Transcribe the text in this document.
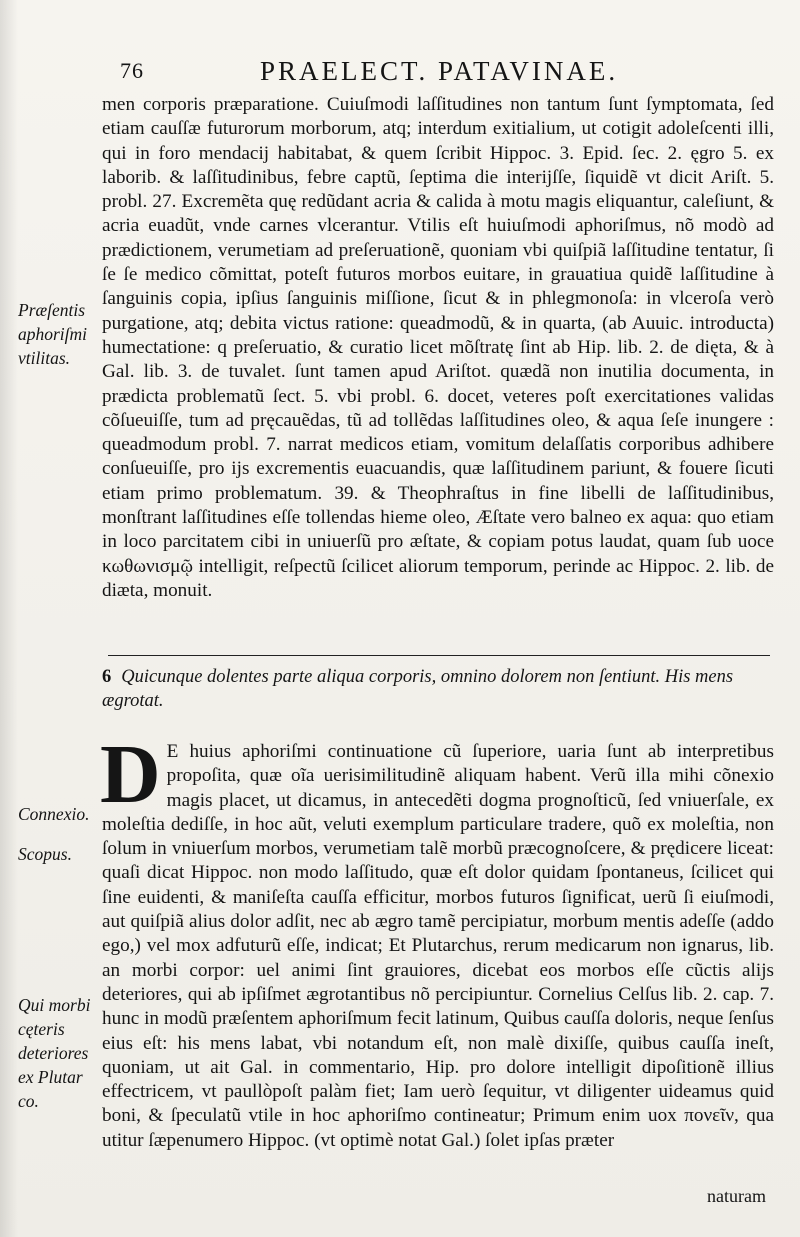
76	PRAELECT. PATAVINAE.

men corporis præparatione. Cuiuſmodi laſſitudines non tantum ſunt ſymptomata, ſed etiam cauſſæ futurorum morborum, atq; interdum exitialium, ut cotigit adoleſcenti illi, qui in foro mendacij habitabat, & quem ſcribit Hippoc. 3. Epid. ſec. 2. ęgro 5. ex laborib. & laſſitudinibus, febre captũ, ſeptima die interijſſe, ſiquidẽ vt dicit Ariſt. 5. probl. 27. Excremẽta quę redũdant acria & calida à motu magis eliquantur, caleſiunt, & acria euadũt, vnde carnes vlcerantur. Vtilis eſt huiuſmodi aphoriſmus, nõ modò ad prædictionem, verumetiam ad preſeruationẽ, quoniam vbi quiſpiã laſſitudine tentatur, ſi ſe ſe medico cõmittat, poteſt futuros morbos euitare, in grauatiua quidẽ laſſitudine à ſanguinis copia, ipſius ſanguinis miſſione, ſicut & in phlegmonoſa: in vlceroſa verò purgatione, atq; debita victus ratione: queadmodũ, & in quarta, (ab Auuic. introducta) humectatione: q preſeruatio, & curatio licet mõſtratę ſint ab Hip. lib. 2. de dięta, & à Gal. lib. 3. de tuvalet. ſunt tamen apud Ariſtot. quædã non inutilia documenta, in prædicta problematũ ſect. 5. vbi probl. 6. docet, veteres poſt exercitationes validas cõſueuiſſe, tum ad pręcauẽdas, tũ ad tollẽdas laſſitudines oleo, & aqua ſeſe inungere : queadmodum probl. 7. narrat medicos etiam, vomitum delaſſatis corporibus adhibere conſueuiſſe, pro ijs excrementis euacuandis, quæ laſſitudinem pariunt, & fouere ſicuti etiam primo problematum. 39. & Theophraſtus in fine libelli de laſſitudinibus, monſtrant laſſitudines eſſe tollendas hieme oleo, Æſtate vero balneo ex aqua: quo etiam in loco parcitatem cibi in uniuerſũ pro æſtate, & copiam potus laudat, quam ſub uoce κωθωνισμῷ intelligit, reſpectũ ſcilicet aliorum temporum, perinde ac Hippoc. 2. lib. de diæta, monuit.

Præſentis aphoriſmi vtilitas.
6 Quicunque dolentes parte aliqua corporis, omnino dolorem non ſentiunt. His mens ægrotat.
D E huius aphoriſmi continuatione cũ ſuperiore, uaria ſunt ab interpretibus propoſita, quæ oĩa uerisimilitudinẽ aliquam habent. Verũ illa mihi cõnexio magis placet, ut dicamus, in antecedẽti dogma prognoſticũ, ſed vniuerſale, ex moleſtia dediſſe, in hoc aũt, veluti exemplum particulare tradere, quõ ex moleſtia, non ſolum in vniuerſum morbos, verumetiam talẽ morbũ præcognoſcere, & prędicere liceat: quaſi dicat Hippoc. non modo laſſitudo, quæ eſt dolor quidam ſpontaneus, ſcilicet qui ſine euidenti, & maniſeſta cauſſa efficitur, morbos futuros ſignificat, uerũ ſi eiuſmodi, aut quiſpiã alius dolor adſit, nec ab ægro tamẽ percipiatur, morbum mentis adeſſe (addo ego,) vel mox adfuturũ eſſe, indicat; Et Plutarchus, rerum medicarum non ignarus, lib. an morbi corpor: uel animi ſint grauiores, dicebat eos morbos eſſe cũctis alijs deteriores, qui ab ipſiſmet ægrotantibus nõ percipiuntur. Cornelius Celſus lib. 2. cap. 7. hunc in modũ præſentem aphoriſmum fecit latinum, Quibus cauſſa doloris, neque ſenſus eius eſt: his mens labat, vbi notandum eſt, non malè dixiſſe, quibus cauſſa ineſt, quoniam, ut ait Gal. in commentario, Hip. pro dolore intelligit dipoſitionẽ illius effectricem, vt paullòpoſt palàm fiet; Iam uerò ſequitur, vt diligenter uideamus quid boni, & ſpeculatũ vtile in hoc aphoriſmo contineatur; Primum enim uox πονεῖν, qua utitur ſæpenumero Hippoc. (vt optimè notat Gal.) ſolet ipſas præter

Connexio.
Scopus.
Qui morbi cęteris deteriores ex Plutar co.
naturam
